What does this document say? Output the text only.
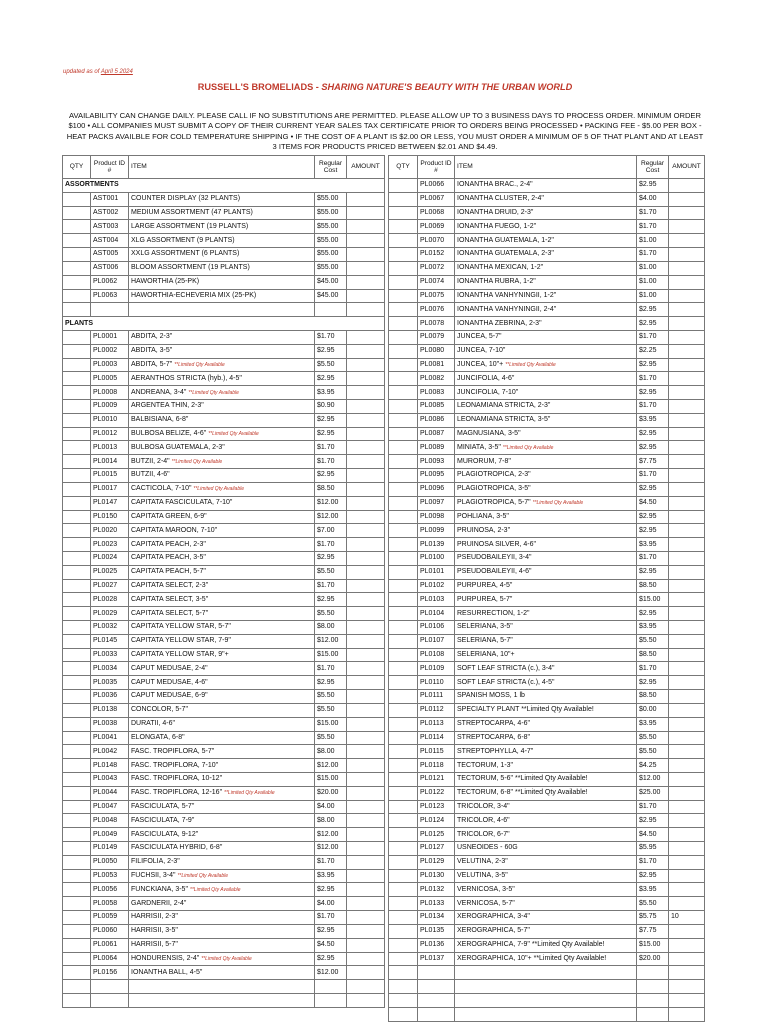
updated as of April 5 2024
RUSSELL'S BROMELIADS - SHARING NATURE'S BEAUTY WITH THE URBAN WORLD
AVAILABILITY CAN CHANGE DAILY. PLEASE CALL IF NO SUBSTITUTIONS ARE PERMITTED. PLEASE ALLOW UP TO 3 BUSINESS DAYS TO PROCESS ORDER. MINIMUM ORDER $100 • ALL COMPANIES MUST SUBMIT A COPY OF THEIR CURRENT YEAR SALES TAX CERTIFICATE PRIOR TO ORDERS BEING PROCESSED • PACKING FEE - $5.00 PER BOX - HEAT PACKS AVAILBLE FOR COLD TEMPERATURE SHIPPING • IF THE COST OF A PLANT IS $2.00 OR LESS, YOU MUST ORDER A MINIMUM OF 5 OF THAT PLANT AND AT LEAST 3 ITEMS FOR PRODUCTS PRICED BETWEEN $2.01 AND $4.49.
QTY	Product ID #	ITEM	Regular Cost	AMOUNT
ASSORTMENTS				
	AST001	COUNTER DISPLAY (32 PLANTS)	$55.00	
	AST002	MEDIUM ASSORTMENT (47 PLANTS)	$55.00	
	AST003	LARGE ASSORTMENT (19 PLANTS)	$55.00	
	AST004	XLG ASSORTMENT (9 PLANTS)	$55.00	
	AST005	XXLG ASSORTMENT (6 PLANTS)	$55.00	
	AST006	BLOOM ASSORTMENT (19 PLANTS)	$55.00	
	PL0062	HAWORTHIA (25-PK)	$45.00	
	PL0063	HAWORTHIA-ECHEVERIA MIX (25-PK)	$45.00	

PLANTS				
	PL0001	ABDITA, 2-3"	$1.70	
	PL0002	ABDITA, 3-5"	$2.95	
	PL0003	ABDITA, 5-7" **Limited Qty Available	$5.50	
	PL0005	AERANTHOS STRICTA (hyb.), 4-5"	$2.95	
	PL0008	ANDREANA, 3-4" **Limited Qty Available	$3.95	
	PL0009	ARGENTEA THIN, 2-3"	$0.90	
	PL0010	BALBISIANA, 6-8"	$2.95	
	PL0012	BULBOSA BELIZE, 4-6" **Limited Qty Available	$2.95	
	PL0013	BULBOSA GUATEMALA, 2-3"	$1.70	
	PL0014	BUTZII, 2-4" **Limited Qty Available	$1.70	
	PL0015	BUTZII, 4-6"	$2.95	
	PL0017	CACTICOLA, 7-10" **Limited Qty Available	$8.50	
	PL0147	CAPITATA FASCICULATA, 7-10"	$12.00	
	PL0150	CAPITATA GREEN, 6-9"	$12.00	
	PL0020	CAPITATA MAROON, 7-10"	$7.00	
	PL0023	CAPITATA PEACH, 2-3"	$1.70	
	PL0024	CAPITATA PEACH, 3-5"	$2.95	
	PL0025	CAPITATA PEACH, 5-7"	$5.50	
	PL0027	CAPITATA SELECT, 2-3"	$1.70	
	PL0028	CAPITATA SELECT, 3-5"	$2.95	
	PL0029	CAPITATA SELECT, 5-7"	$5.50	
	PL0032	CAPITATA YELLOW STAR, 5-7"	$8.00	
	PL0145	CAPITATA YELLOW STAR, 7-9"	$12.00	
	PL0033	CAPITATA YELLOW STAR, 9"+	$15.00	
	PL0034	CAPUT MEDUSAE, 2-4"	$1.70	
	PL0035	CAPUT MEDUSAE, 4-6"	$2.95	
	PL0036	CAPUT MEDUSAE, 6-9"	$5.50	
	PL0138	CONCOLOR, 5-7"	$5.50	
	PL0038	DURATII, 4-6"	$15.00	
	PL0041	ELONGATA, 6-8"	$5.50	
	PL0042	FASC. TROPIFLORA, 5-7"	$8.00	
	PL0148	FASC. TROPIFLORA, 7-10"	$12.00	
	PL0043	FASC. TROPIFLORA, 10-12"	$15.00	
	PL0044	FASC. TROPIFLORA, 12-16" **Limited Qty Available	$20.00	
	PL0047	FASCICULATA, 5-7"	$4.00	
	PL0048	FASCICULATA, 7-9"	$8.00	
	PL0049	FASCICULATA, 9-12"	$12.00	
	PL0149	FASCICULATA HYBRID, 6-8"	$12.00	
	PL0050	FILIFOLIA, 2-3"	$1.70	
	PL0053	FUCHSII, 3-4" **Limited Qty Available	$3.95	
	PL0056	FUNCKIANA, 3-5" **Limited Qty Available	$2.95	
	PL0058	GARDNERII, 2-4"	$4.00	
	PL0059	HARRISII, 2-3"	$1.70	
	PL0060	HARRISII, 3-5"	$2.95	
	PL0061	HARRISII, 5-7"	$4.50	
	PL0064	HONDURENSIS, 2-4" **Limited Qty Available	$2.95	
	PL0156	IONANTHA BALL, 4-5"	$12.00	

QTY	Product ID #	ITEM	Regular Cost	AMOUNT
	PL0066	IONANTHA BRAC., 2-4"	$2.95	
	PL0067	IONANTHA CLUSTER, 2-4"	$4.00	
	PL0068	IONANTHA DRUID, 2-3"	$1.70	
	PL0069	IONANTHA FUEGO, 1-2"	$1.70	
	PL0070	IONANTHA GUATEMALA, 1-2"	$1.00	
	PL0152	IONANTHA GUATEMALA, 2-3"	$1.70	
	PL0072	IONANTHA MEXICAN, 1-2"	$1.00	
	PL0074	IONANTHA RUBRA, 1-2"	$1.00	
	PL0075	IONANTHA VANHYNINGII, 1-2"	$1.00	
	PL0076	IONANTHA VANHYNINGII, 2-4"	$2.95	
	PL0078	IONANTHA ZEBRINA, 2-3"	$2.95	
	PL0079	JUNCEA, 5-7"	$1.70	
	PL0080	JUNCEA, 7-10"	$2.25	
	PL0081	JUNCEA, 10"+ **Limited Qty Available	$2.95	
	PL0082	JUNCIFOLIA, 4-6"	$1.70	
	PL0083	JUNCIFOLIA, 7-10"	$2.95	
	PL0085	LEONAMIANA STRICTA, 2-3"	$1.70	
	PL0086	LEONAMIANA STRICTA, 3-5"	$3.95	
	PL0087	MAGNUSIANA, 3-5"	$2.95	
	PL0089	MINIATA, 3-5" **Limited Qty Available	$2.95	
	PL0093	MURORUM, 7-8"	$7.75	
	PL0095	PLAGIOTROPICA, 2-3"	$1.70	
	PL0096	PLAGIOTROPICA, 3-5"	$2.95	
	PL0097	PLAGIOTROPICA, 5-7" **Limited Qty Available	$4.50	
	PL0098	POHLIANA, 3-5"	$2.95	
	PL0099	PRUINOSA, 2-3"	$2.95	
	PL0139	PRUINOSA SILVER, 4-6"	$3.95	
	PL0100	PSEUDOBAILEYII, 3-4"	$1.70	
	PL0101	PSEUDOBAILEYII, 4-6"	$2.95	
	PL0102	PURPUREA, 4-5"	$8.50	
	PL0103	PURPUREA, 5-7"	$15.00	
	PL0104	RESURRECTION, 1-2"	$2.95	
	PL0106	SELERIANA, 3-5"	$3.95	
	PL0107	SELERIANA, 5-7"	$5.50	
	PL0108	SELERIANA, 10"+	$8.50	
	PL0109	SOFT LEAF STRICTA (c.), 3-4"	$1.70	
	PL0110	SOFT LEAF STRICTA (c.), 4-5"	$2.95	
	PL0111	SPANISH MOSS, 1 lb	$8.50	
	PL0112	SPECIALTY PLANT **Limited Qty Available!	$0.00	
	PL0113	STREPTOCARPA, 4-6"	$3.95	
	PL0114	STREPTOCARPA, 6-8"	$5.50	
	PL0115	STREPTOPHYLLA, 4-7"	$5.50	
	PL0118	TECTORUM, 1-3"	$4.25	
	PL0121	TECTORUM, 5-6" **Limited Qty Available!	$12.00	
	PL0122	TECTORUM, 6-8" **Limited Qty Available!	$25.00	
	PL0123	TRICOLOR, 3-4"	$1.70	
	PL0124	TRICOLOR, 4-6"	$2.95	
	PL0125	TRICOLOR, 6-7"	$4.50	
	PL0127	USNEOIDES - 60G	$5.95	
	PL0129	VELUTINA, 2-3"	$1.70	
	PL0130	VELUTINA, 3-5"	$2.95	
	PL0132	VERNICOSA, 3-5"	$3.95	
	PL0133	VERNICOSA, 5-7"	$5.50	
	PL0134	XEROGRAPHICA, 3-4"	$5.75	10
	PL0135	XEROGRAPHICA, 5-7"	$7.75	
	PL0136	XEROGRAPHICA, 7-9" **Limited Qty Available!	$15.00	
	PL0137	XEROGRAPHICA, 10"+ **Limited Qty Available!	$20.00	
